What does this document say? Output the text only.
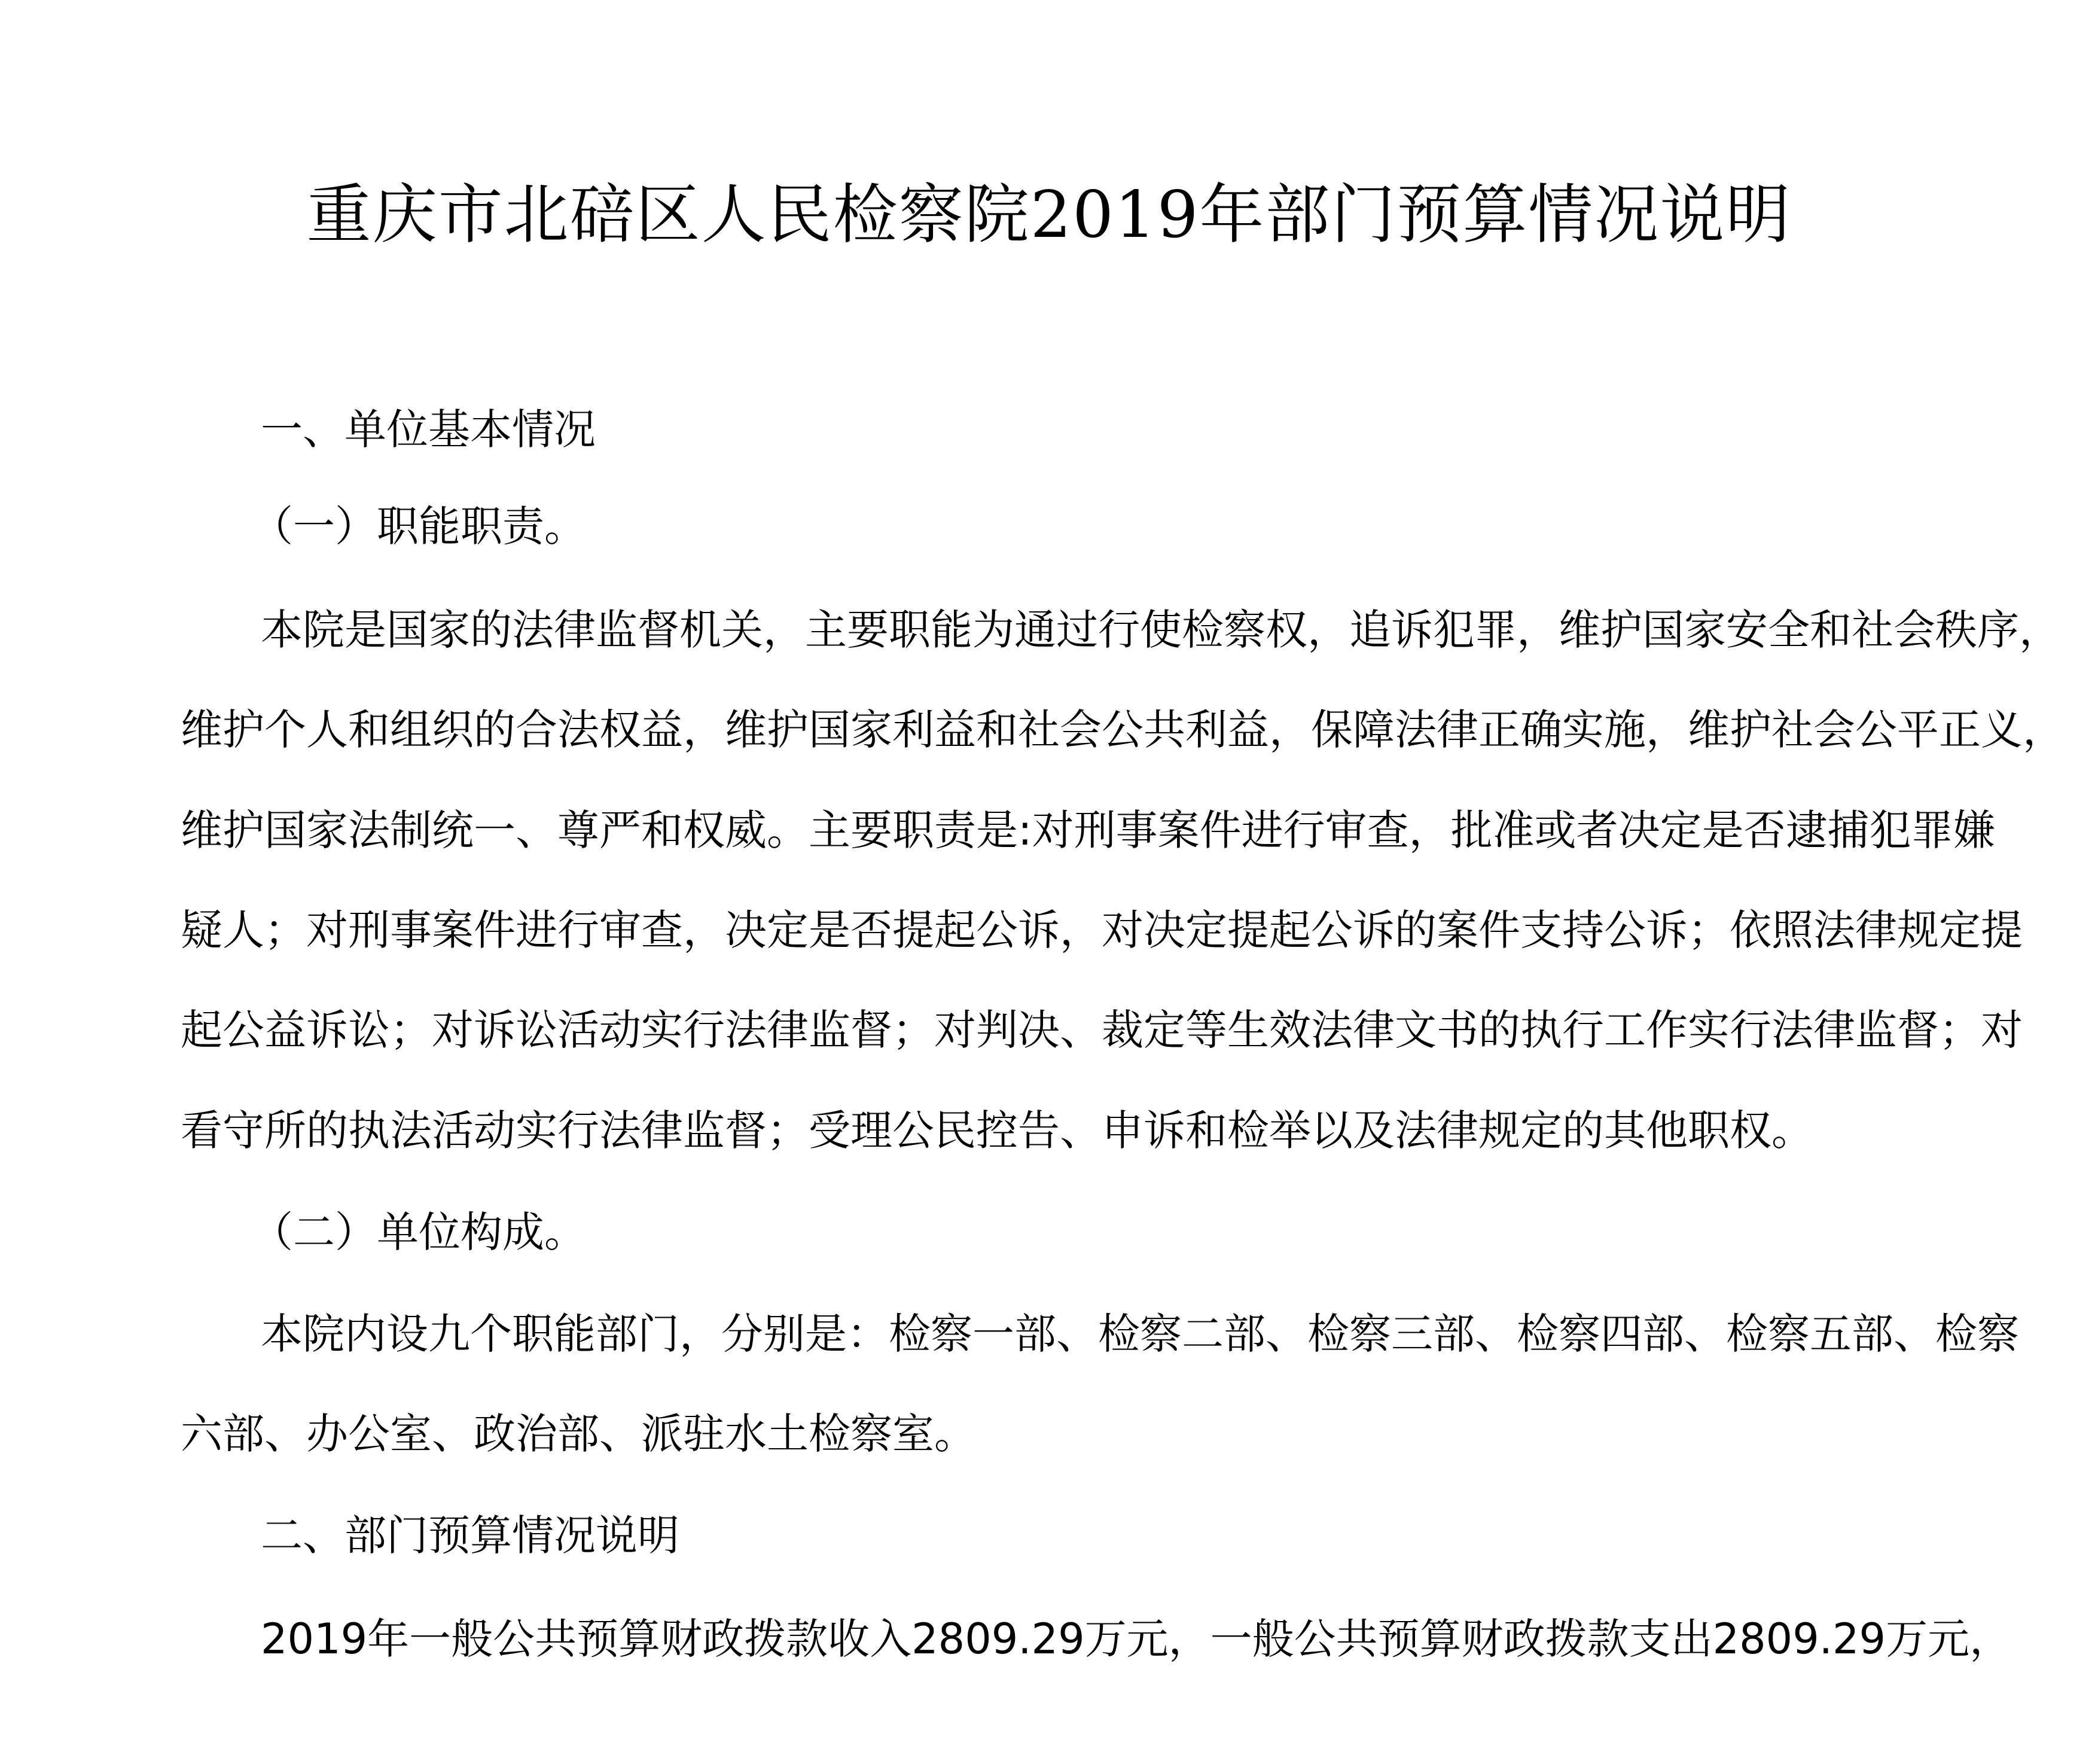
重庆市北碚区人民检察院2019年部门预算情况说明
一、单位基本情况
（一）职能职责。
本院是国家的法律监督机关，主要职能为通过行使检察权，追诉犯罪，维护国家安全和社会秩序，
维护个人和组织的合法权益，维护国家利益和社会公共利益，保障法律正确实施，维护社会公平正义，
维护国家法制统一、尊严和权威。主要职责是:对刑事案件进行审查，批准或者决定是否逮捕犯罪嫌
疑人；对刑事案件进行审查，决定是否提起公诉，对决定提起公诉的案件支持公诉；依照法律规定提
起公益诉讼；对诉讼活动实行法律监督；对判决、裁定等生效法律文书的执行工作实行法律监督；对
看守所的执法活动实行法律监督；受理公民控告、申诉和检举以及法律规定的其他职权。
（二）单位构成。
本院内设九个职能部门，分别是：检察一部、检察二部、检察三部、检察四部、检察五部、检察
六部、办公室、政治部、派驻水土检察室。
二、部门预算情况说明
2019年一般公共预算财政拨款收入2809.29万元，一般公共预算财政拨款支出2809.29万元，
